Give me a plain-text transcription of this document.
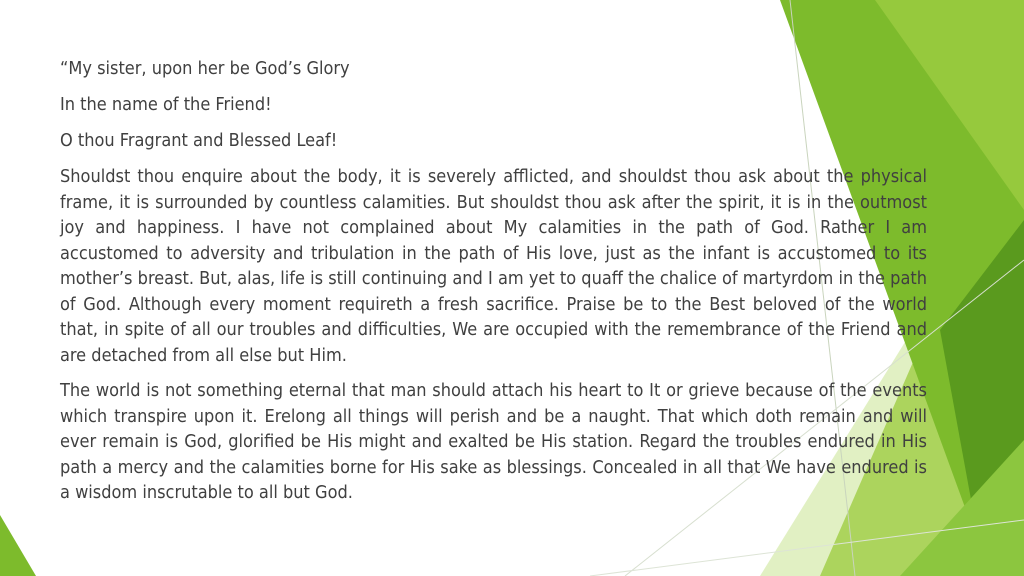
“My sister, upon her be God’s Glory
In the name of the Friend!
O thou Fragrant and Blessed Leaf!
Shouldst thou enquire about the body, it is severely afflicted, and shouldst thou ask about the physical frame, it is surrounded by countless calamities. But shouldst thou ask after the spirit, it is in the outmost joy and happiness. I have not complained about My calamities in the path of God. Rather I am accustomed to adversity and tribulation in the path of His love, just as the infant is accustomed to its mother’s breast. But, alas, life is still continuing and I am yet to quaff the chalice of martyrdom in the path of God. Although every moment requireth a fresh sacrifice. Praise be to the Best beloved of the world that, in spite of all our troubles and difficulties, We are occupied with the remembrance of the Friend and are detached from all else but Him.
The world is not something eternal that man should attach his heart to It or grieve because of the events which transpire upon it. Erelong all things will perish and be a naught. That which doth remain and will ever remain is God, glorified be His might and exalted be His station. Regard the troubles endured in His path a mercy and the calamities borne for His sake as blessings. Concealed in all that We have endured is a wisdom inscrutable to all but God.
